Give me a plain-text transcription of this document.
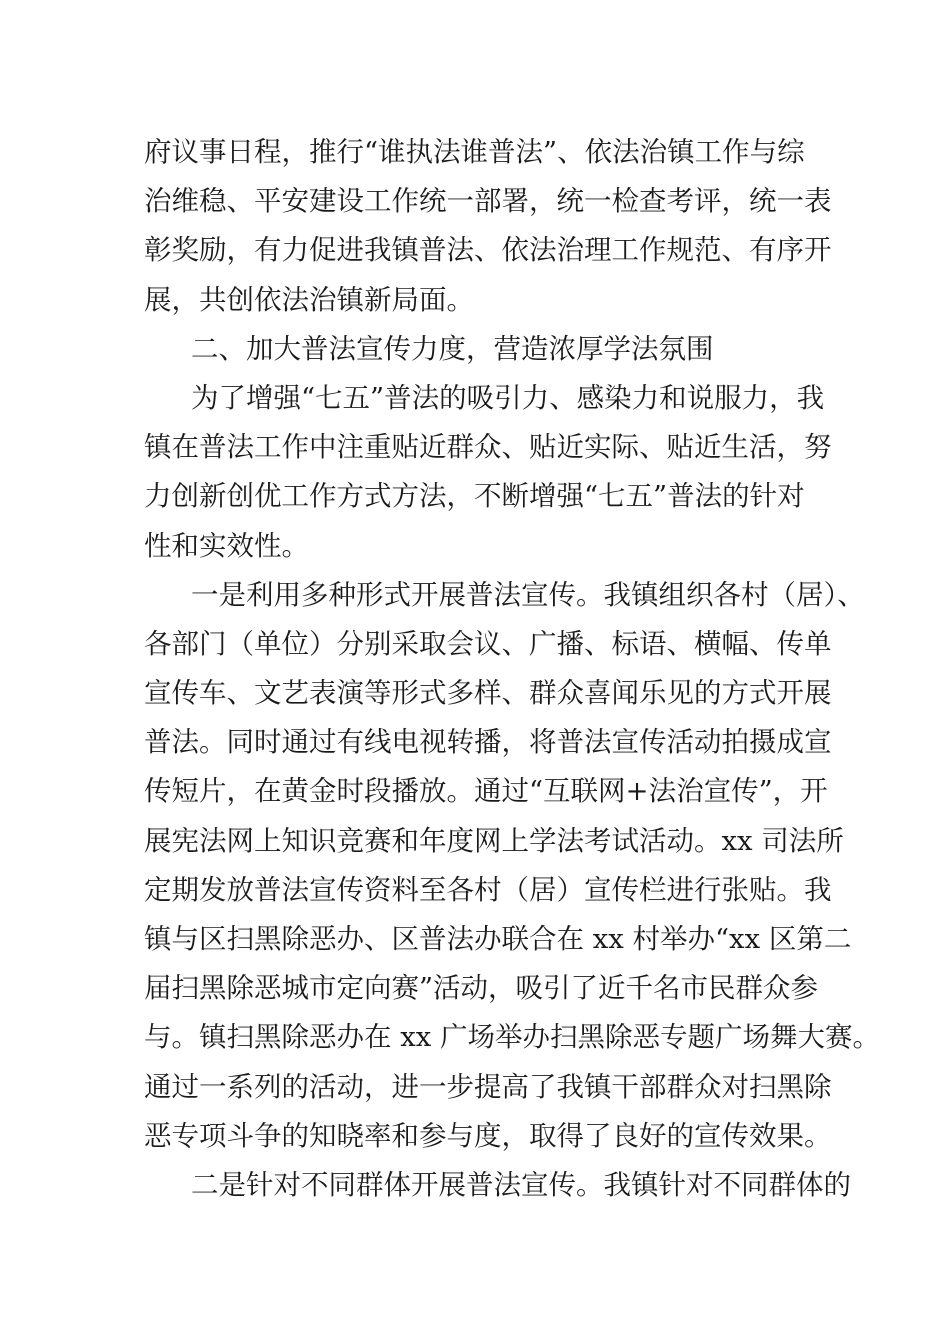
府议事日程，推行“谁执法谁普法”、依法治镇工作与综
治维稳、平安建设工作统一部署，统一检查考评，统一表
彰奖励，有力促进我镇普法、依法治理工作规范、有序开
展，共创依法治镇新局面。
二、加大普法宣传力度，营造浓厚学法氛围
为了增强“七五”普法的吸引力、感染力和说服力，我
镇在普法工作中注重贴近群众、贴近实际、贴近生活，努
力创新创优工作方式方法，不断增强“七五”普法的针对
性和实效性。
一是利用多种形式开展普法宣传。我镇组织各村（居）、
各部门（单位）分别采取会议、广播、标语、横幅、传单
宣传车、文艺表演等形式多样、群众喜闻乐见的方式开展
普法。同时通过有线电视转播，将普法宣传活动拍摄成宣
传短片，在黄金时段播放。通过“互联网+法治宣传”，开
展宪法网上知识竞赛和年度网上学法考试活动。xx 司法所
定期发放普法宣传资料至各村（居）宣传栏进行张贴。我
镇与区扫黑除恶办、区普法办联合在 xx 村举办“xx 区第二
届扫黑除恶城市定向赛”活动，吸引了近千名市民群众参
与。镇扫黑除恶办在 xx 广场举办扫黑除恶专题广场舞大赛。
通过一系列的活动，进一步提高了我镇干部群众对扫黑除
恶专项斗争的知晓率和参与度，取得了良好的宣传效果。
二是针对不同群体开展普法宣传。我镇针对不同群体的
